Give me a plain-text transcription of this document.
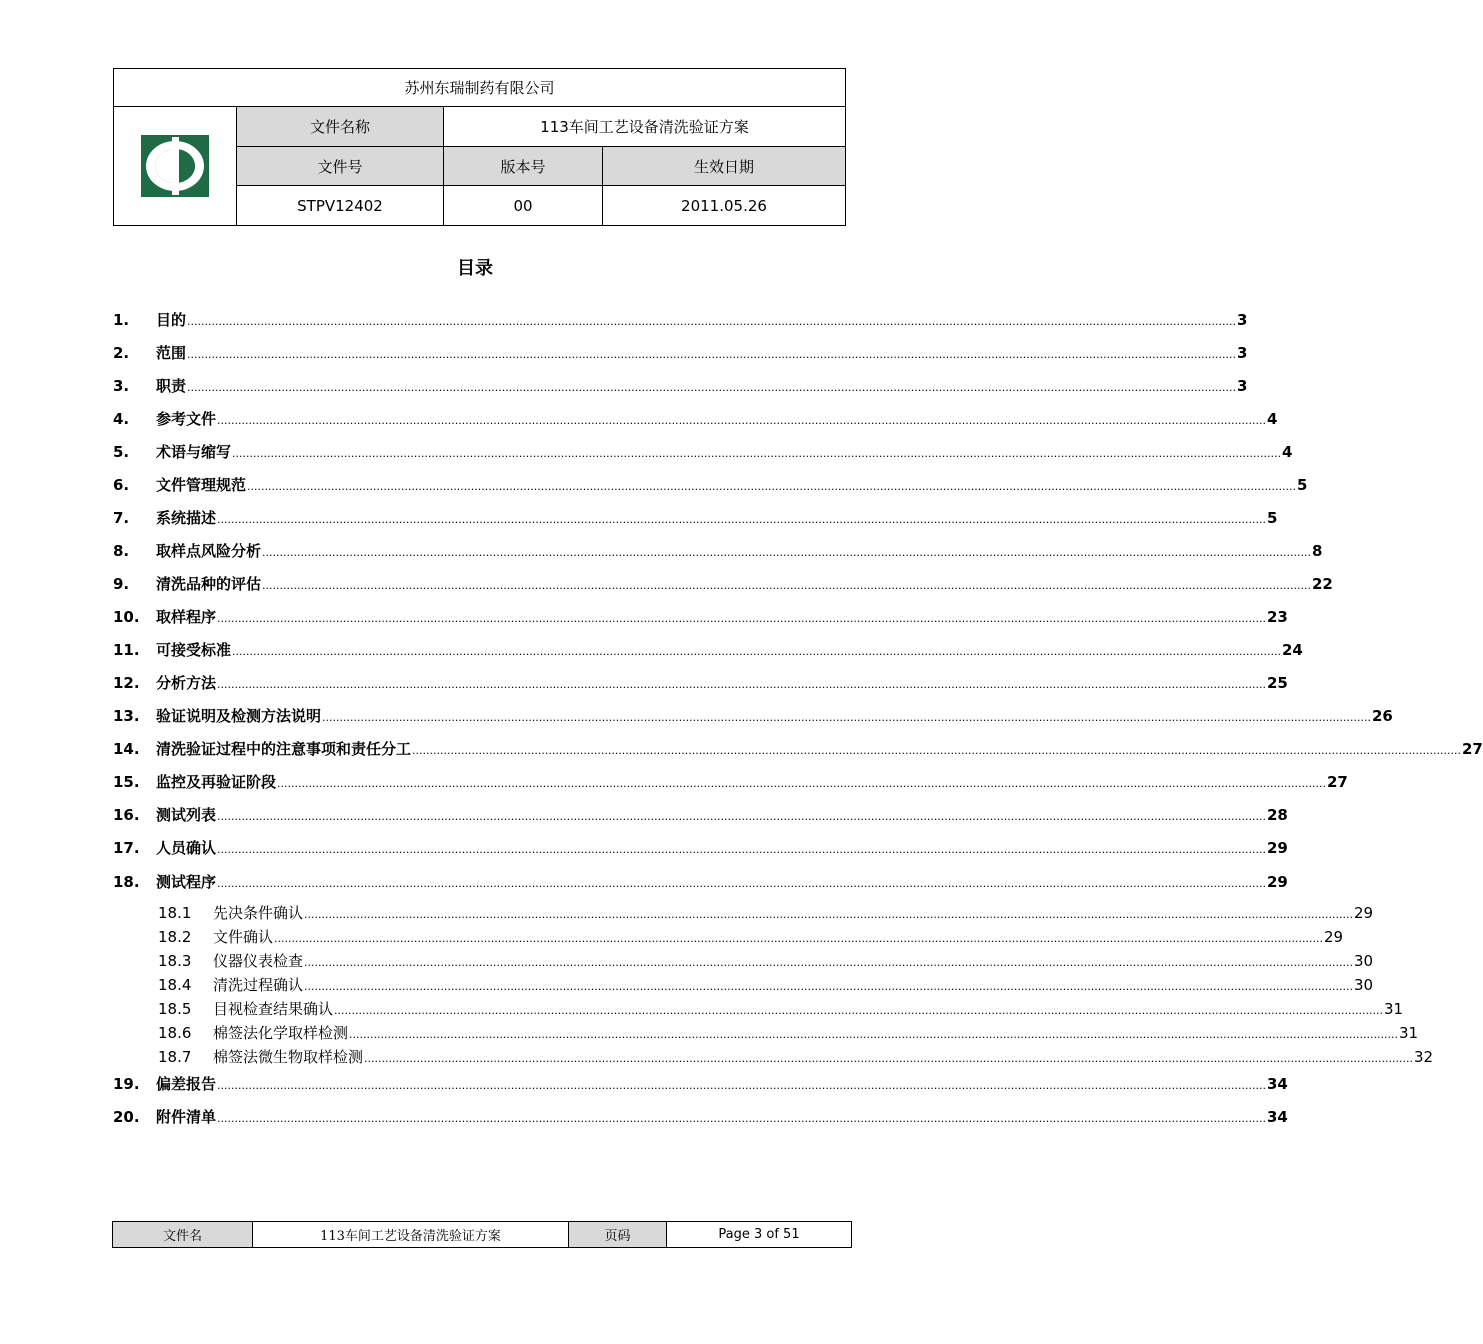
苏州东瑞制药有限公司
文件名称	113车间工艺设备清洗验证方案
文件号	版本号	生效日期
STPV12402	00	2011.05.26
目录
1.	目的 ............................................................................................................................................................................................................................................................................................................ 3
2.	范围 ............................................................................................................................................................................................................................................................................................................ 3
3.	职责 ............................................................................................................................................................................................................................................................................................................ 3
4.	参考文件 ............................................................................................................................................................................................................................................................................................................ 4
5.	术语与缩写 ............................................................................................................................................................................................................................................................................................................ 4
6.	文件管理规范 ............................................................................................................................................................................................................................................................................................................ 5
7.	系统描述 ............................................................................................................................................................................................................................................................................................................ 5
8.	取样点风险分析 ............................................................................................................................................................................................................................................................................................................ 8
9.	清洗品种的评估 ............................................................................................................................................................................................................................................................................................................ 22
10.	取样程序 ............................................................................................................................................................................................................................................................................................................ 23
11.	可接受标准 ............................................................................................................................................................................................................................................................................................................ 24
12.	分析方法 ............................................................................................................................................................................................................................................................................................................ 25
13.	验证说明及检测方法说明 ............................................................................................................................................................................................................................................................................................................ 26
14.	清洗验证过程中的注意事项和责任分工 ............................................................................................................................................................................................................................................................................................................ 27
15.	监控及再验证阶段 ............................................................................................................................................................................................................................................................................................................ 27
16.	测试列表 ............................................................................................................................................................................................................................................................................................................ 28
17.	人员确认 ............................................................................................................................................................................................................................................................................................................ 29
18.	测试程序 ............................................................................................................................................................................................................................................................................................................ 29
18.1	先决条件确认 ............................................................................................................................................................................................................................................................................................................ 29
18.2	文件确认 ............................................................................................................................................................................................................................................................................................................ 29
18.3	仪器仪表检查 ............................................................................................................................................................................................................................................................................................................ 30
18.4	清洗过程确认 ............................................................................................................................................................................................................................................................................................................ 30
18.5	目视检查结果确认 ............................................................................................................................................................................................................................................................................................................ 31
18.6	棉签法化学取样检测 ............................................................................................................................................................................................................................................................................................................ 31
18.7	棉签法微生物取样检测 ............................................................................................................................................................................................................................................................................................................ 32
19.	偏差报告 ............................................................................................................................................................................................................................................................................................................ 34
20.	附件清单 ............................................................................................................................................................................................................................................................................................................ 34
文件名	113车间工艺设备清洗验证方案	页码	Page 3 of 51
